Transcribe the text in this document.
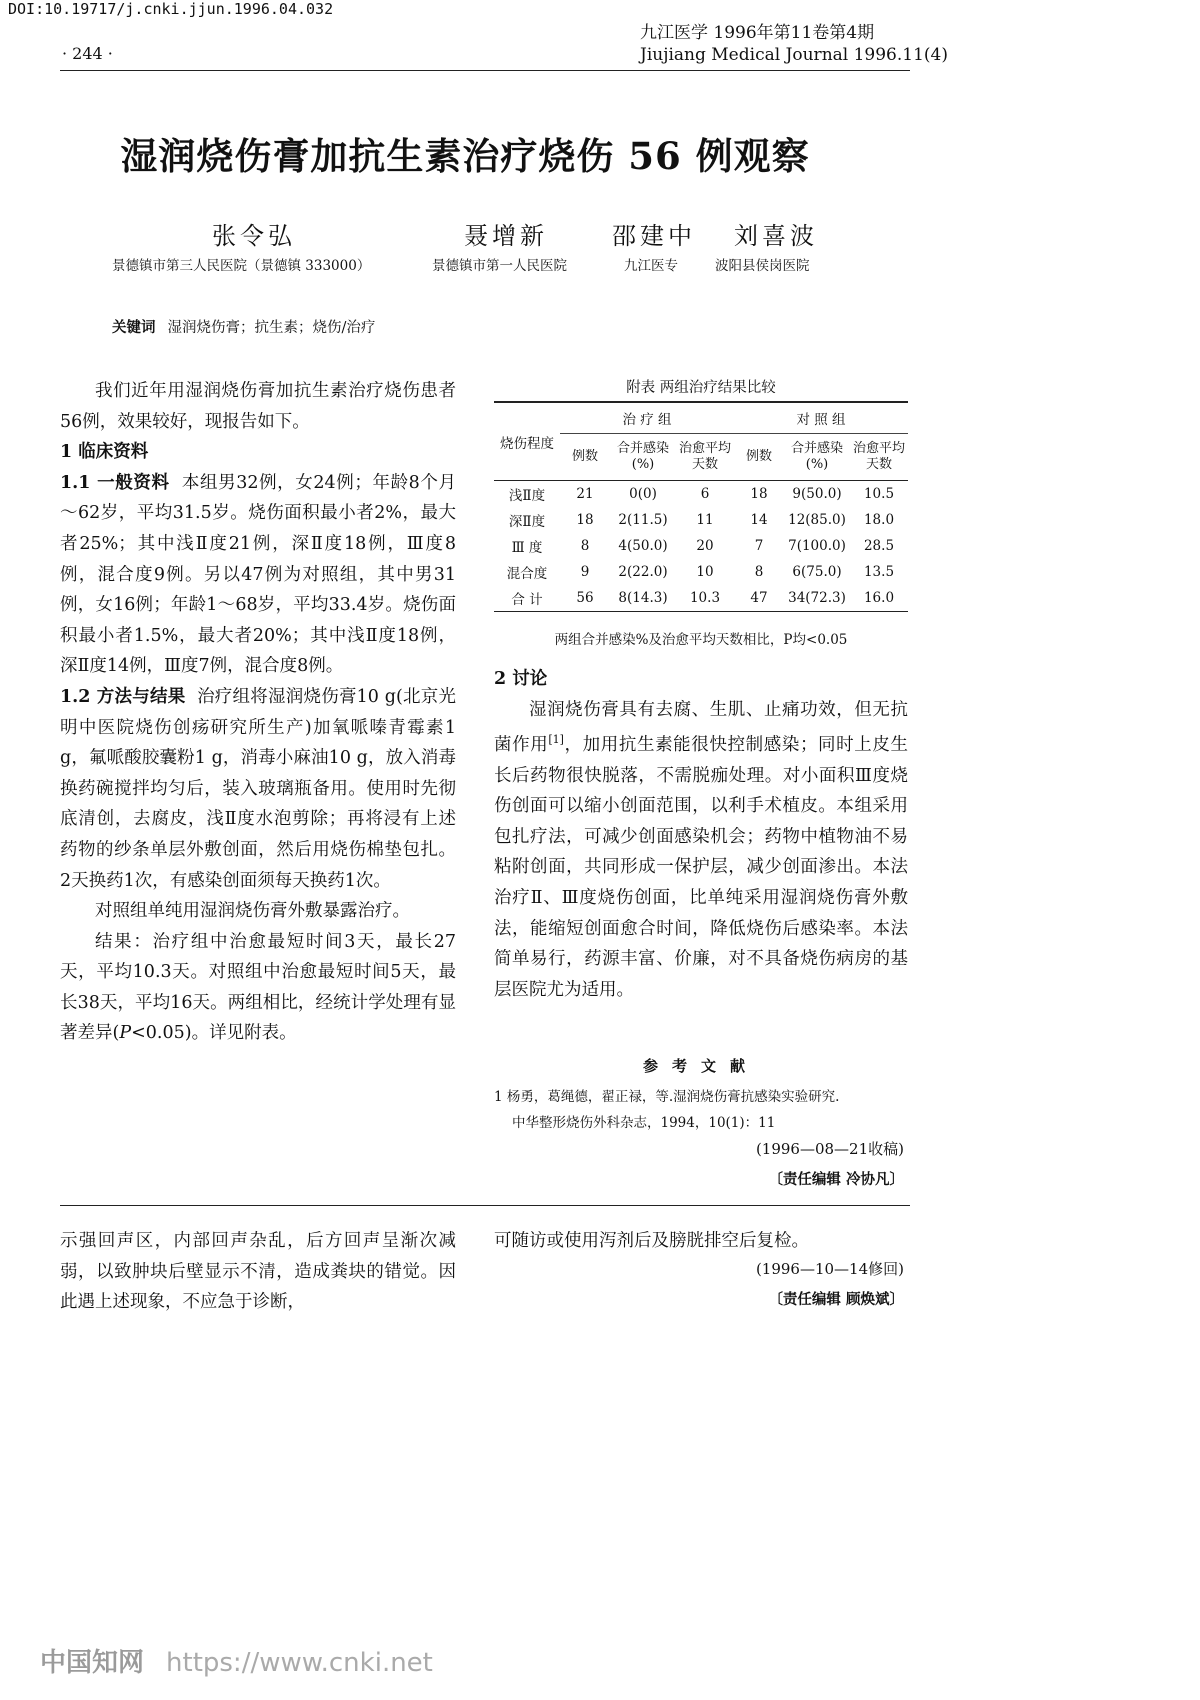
DOI:10.19717/j.cnki.jjun.1996.04.032
· 244 ·
九江医学 1996年第11卷第4期
Jiujiang Medical Journal 1996.11(4)
湿润烧伤膏加抗生素治疗烧伤 56 例观察
张令弘	聂增新	邵建中 刘喜波
景德镇市第三人民医院（景德镇 333000）	景德镇市第一人民医院	九江医专	波阳县侯岗医院
关键词 湿润烧伤膏；抗生素；烧伤/治疗

我们近年用湿润烧伤膏加抗生素治疗烧伤患者56例，效果较好，现报告如下。

1 临床资料

1.1 一般资料 本组男32例，女24例；年龄8个月～62岁，平均31.5岁。烧伤面积最小者2%，最大者25%；其中浅Ⅱ度21例，深Ⅱ度18例，Ⅲ度8例，混合度9例。另以47例为对照组，其中男31例，女16例；年龄1～68岁，平均33.4岁。烧伤面积最小者1.5%，最大者20%；其中浅Ⅱ度18例，深Ⅱ度14例，Ⅲ度7例，混合度8例。

1.2 方法与结果 治疗组将湿润烧伤膏10 g(北京光明中医院烧伤创疡研究所生产)加氧哌嗪青霉素1 g，氟哌酸胶囊粉1 g，消毒小麻油10 g，放入消毒换药碗搅拌均匀后，装入玻璃瓶备用。使用时先彻底清创，去腐皮，浅Ⅱ度水泡剪除；再将浸有上述药物的纱条单层外敷创面，然后用烧伤棉垫包扎。2天换药1次，有感染创面须每天换药1次。

对照组单纯用湿润烧伤膏外敷暴露治疗。

结果：治疗组中治愈最短时间3天，最长27天，平均10.3天。对照组中治愈最短时间5天，最长38天，平均16天。两组相比，经统计学处理有显著差异(P<0.05)。详见附表。

附表 两组治疗结果比较
烧伤程度	治 疗 组			对 照 组		
	例数	合并感染(%)	治愈平均天数	例数	合并感染(%)	治愈平均天数
浅Ⅱ度	21	0(0)	6	18	9(50.0)	10.5
深Ⅱ度	18	2(11.5)	11	14	12(85.0)	18.0
Ⅲ 度	8	4(50.0)	20	7	7(100.0)	28.5
混合度	9	2(22.0)	10	8	6(75.0)	13.5
合 计	56	8(14.3)	10.3	47	34(72.3)	16.0
两组合并感染%及治愈平均天数相比，P均<0.05

2 讨论

湿润烧伤膏具有去腐、生肌、止痛功效，但无抗菌作用[1]，加用抗生素能很快控制感染；同时上皮生长后药物很快脱落，不需脱痂处理。对小面积Ⅲ度烧伤创面可以缩小创面范围，以利手术植皮。本组采用包扎疗法，可减少创面感染机会；药物中植物油不易粘附创面，共同形成一保护层，减少创面渗出。本法治疗Ⅱ、Ⅲ度烧伤创面，比单纯采用湿润烧伤膏外敷法，能缩短创面愈合时间，降低烧伤后感染率。本法简单易行，药源丰富、价廉，对不具备烧伤病房的基层医院尤为适用。

参考文献
1 杨勇，葛绳德，翟正禄，等.湿润烧伤膏抗感染实验研究.
中华整形烧伤外科杂志，1994，10(1)：11
(1996—08—21收稿)
〔责任编辑 冷协凡〕
示强回声区，内部回声杂乱，后方回声呈渐次减弱，以致肿块后壁显示不清，造成粪块的错觉。因此遇上述现象，不应急于诊断，
可随访或使用泻剂后及膀胱排空后复检。
(1996—10—14修回)
〔责任编辑 顾焕斌〕
中国知网 https://www.cnki.net
